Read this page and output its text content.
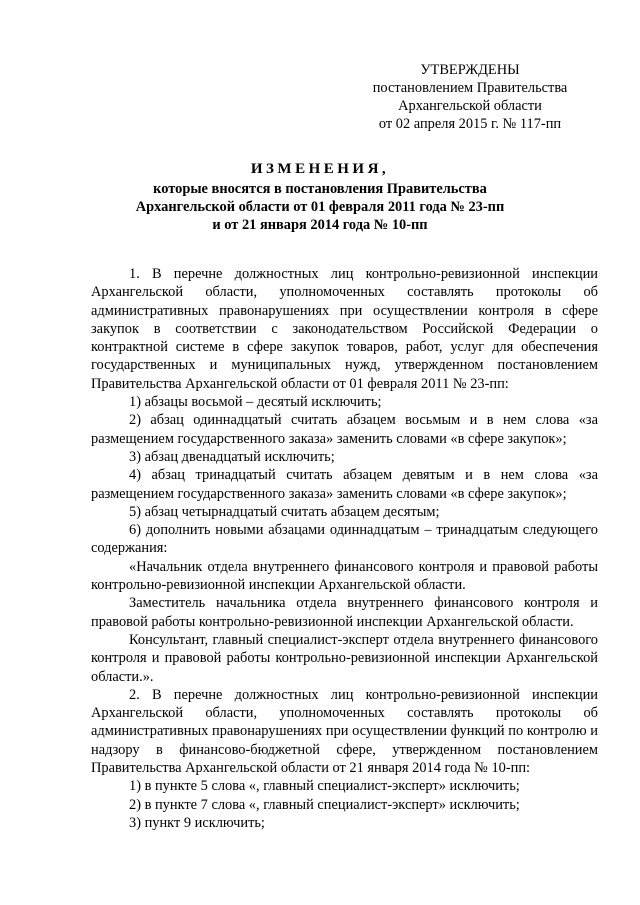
УТВЕРЖДЕНЫ
постановлением Правительства
Архангельской области
от 02 апреля 2015 г. № 117-пп
ИЗМЕНЕНИЯ,
которые вносятся в постановления Правительства
Архангельской области от 01 февраля 2011 года № 23-пп
и от 21 января 2014 года № 10-пп

1. В перечне должностных лиц контрольно-ревизионной инспекции Архангельской области, уполномоченных составлять протоколы об административных правонарушениях при осуществлении контроля в сфере закупок в соответствии с законодательством Российской Федерации о контрактной системе в сфере закупок товаров, работ, услуг для обеспечения государственных и муниципальных нужд, утвержденном постановлением Правительства Архангельской области от 01 февраля 2011 № 23-пп:

1) абзацы восьмой – десятый исключить;

2) абзац одиннадцатый считать абзацем восьмым и в нем слова «за размещением государственного заказа» заменить словами «в сфере закупок»;

3) абзац двенадцатый исключить;

4) абзац тринадцатый считать абзацем девятым и в нем слова «за размещением государственного заказа» заменить словами «в сфере закупок»;

5) абзац четырнадцатый считать абзацем десятым;

6) дополнить новыми абзацами одиннадцатым – тринадцатым следующего содержания:

«Начальник отдела внутреннего финансового контроля и правовой работы контрольно-ревизионной инспекции Архангельской области.

Заместитель начальника отдела внутреннего финансового контроля и правовой работы контрольно-ревизионной инспекции Архангельской области.

Консультант, главный специалист-эксперт отдела внутреннего финансового контроля и правовой работы контрольно-ревизионной инспекции Архангельской области.».

2. В перечне должностных лиц контрольно-ревизионной инспекции Архангельской области, уполномоченных составлять протоколы об административных правонарушениях при осуществлении функций по контролю и надзору в финансово-бюджетной сфере, утвержденном постановлением Правительства Архангельской области от 21 января 2014 года № 10-пп:

1) в пункте 5 слова «, главный специалист-эксперт» исключить;

2) в пункте 7 слова «, главный специалист-эксперт» исключить;

3) пункт 9 исключить;
